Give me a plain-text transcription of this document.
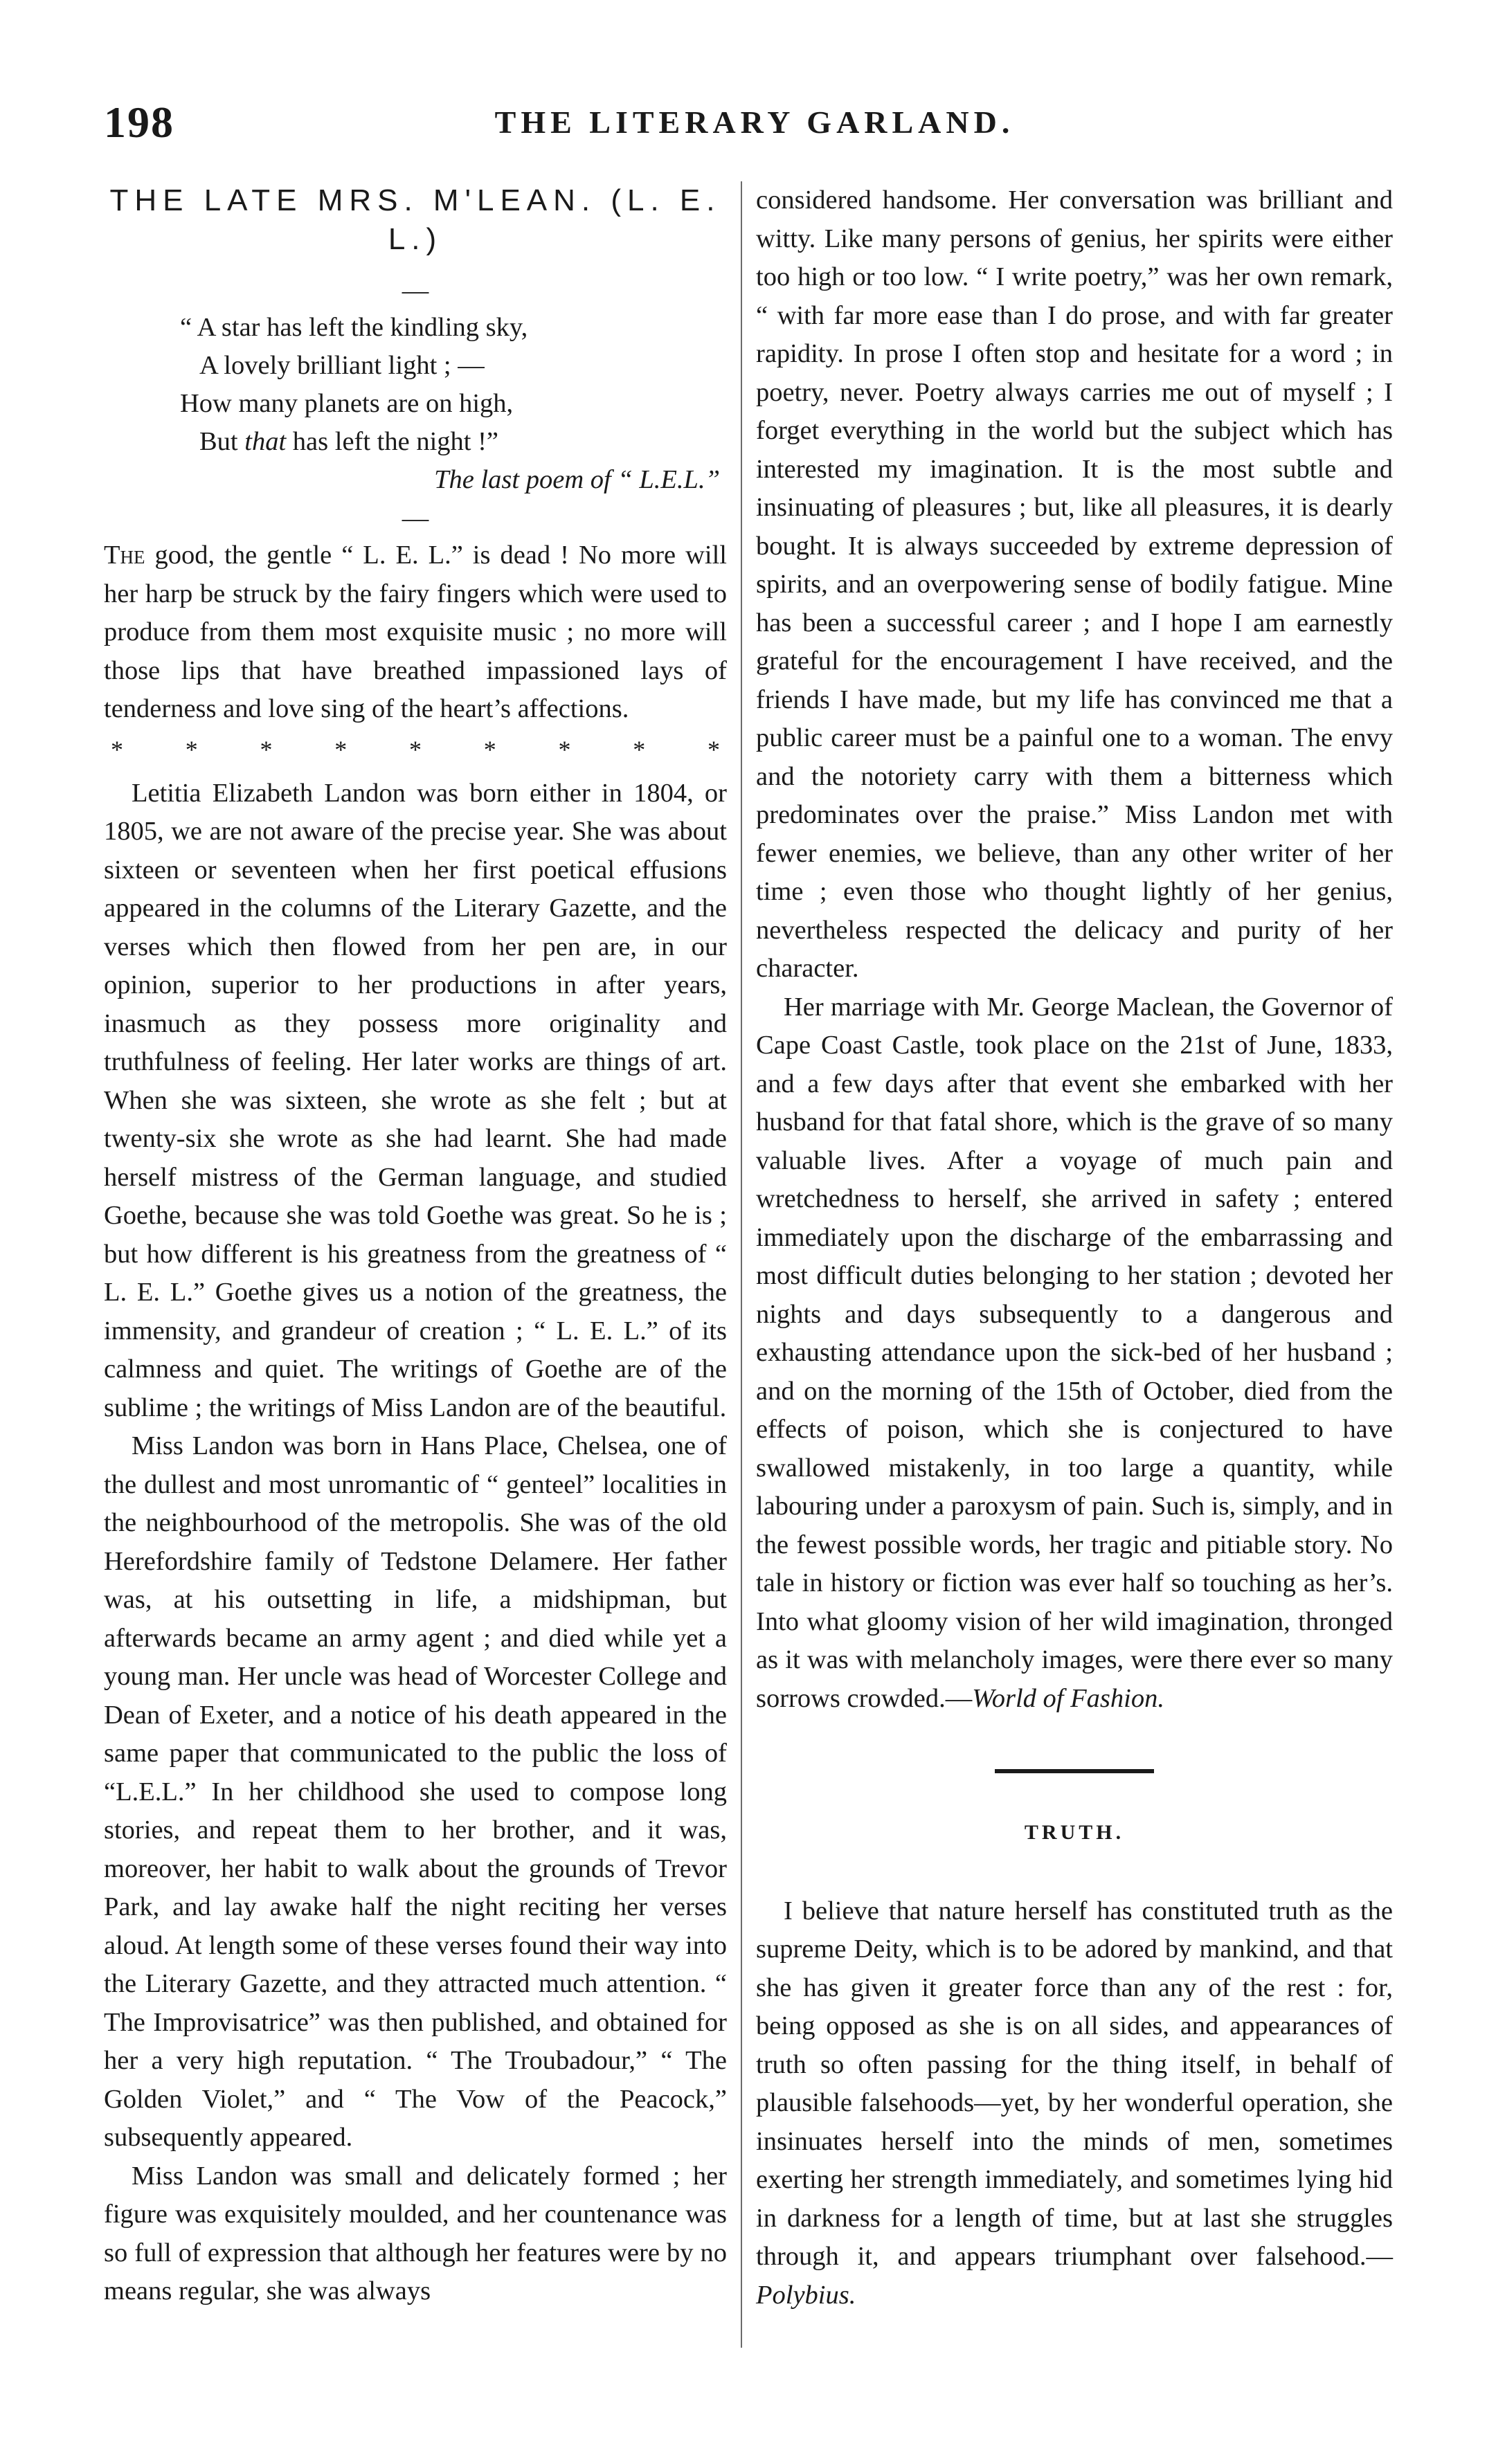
198	THE LITERARY GARLAND.
THE LATE MRS. M'LEAN. (L. E. L.)
—
“ A star has left the kindling sky,
A lovely brilliant light ; —
How many planets are on high,
But that has left the night !”
The last poem of “ L.E.L.”
—

The good, the gentle “ L. E. L.” is dead ! No more will her harp be struck by the fairy fingers which were used to produce from them most exquisite music ; no more will those lips that have breathed impassioned lays of tenderness and love sing of the heart’s affections.

* * * * * * * * *

Letitia Elizabeth Landon was born either in 1804, or 1805, we are not aware of the precise year. She was about sixteen or seventeen when her first poetical effusions appeared in the columns of the Literary Gazette, and the verses which then flowed from her pen are, in our opinion, superior to her productions in after years, inasmuch as they possess more originality and truthfulness of feeling. Her later works are things of art. When she was sixteen, she wrote as she felt ; but at twenty-six she wrote as she had learnt. She had made herself mistress of the German language, and studied Goethe, because she was told Goethe was great. So he is ; but how different is his greatness from the greatness of “ L. E. L.” Goethe gives us a notion of the greatness, the immensity, and grandeur of creation ; “ L. E. L.” of its calmness and quiet. The writings of Goethe are of the sublime ; the writings of Miss Landon are of the beautiful.

Miss Landon was born in Hans Place, Chelsea, one of the dullest and most unromantic of “ genteel” localities in the neighbourhood of the metropolis. She was of the old Herefordshire family of Tedstone Delamere. Her father was, at his outsetting in life, a midshipman, but afterwards became an army agent ; and died while yet a young man. Her uncle was head of Worcester College and Dean of Exeter, and a notice of his death appeared in the same paper that communicated to the public the loss of “L.E.L.” In her childhood she used to compose long stories, and repeat them to her brother, and it was, moreover, her habit to walk about the grounds of Trevor Park, and lay awake half the night reciting her verses aloud. At length some of these verses found their way into the Literary Gazette, and they attracted much attention. “ The Improvisatrice” was then published, and obtained for her a very high reputation. “ The Troubadour,” “ The Golden Violet,” and “ The Vow of the Peacock,” subsequently appeared.

Miss Landon was small and delicately formed ; her figure was exquisitely moulded, and her countenance was so full of expression that although her features were by no means regular, she was always

considered handsome. Her conversation was brilliant and witty. Like many persons of genius, her spirits were either too high or too low. “ I write poetry,” was her own remark, “ with far more ease than I do prose, and with far greater rapidity. In prose I often stop and hesitate for a word ; in poetry, never. Poetry always carries me out of myself ; I forget everything in the world but the subject which has interested my imagination. It is the most subtle and insinuating of pleasures ; but, like all pleasures, it is dearly bought. It is always succeeded by extreme depression of spirits, and an overpowering sense of bodily fatigue. Mine has been a successful career ; and I hope I am earnestly grateful for the encouragement I have received, and the friends I have made, but my life has convinced me that a public career must be a painful one to a woman. The envy and the notoriety carry with them a bitterness which predominates over the praise.” Miss Landon met with fewer enemies, we believe, than any other writer of her time ; even those who thought lightly of her genius, nevertheless respected the delicacy and purity of her character.

Her marriage with Mr. George Maclean, the Governor of Cape Coast Castle, took place on the 21st of June, 1833, and a few days after that event she embarked with her husband for that fatal shore, which is the grave of so many valuable lives. After a voyage of much pain and wretchedness to herself, she arrived in safety ; entered immediately upon the discharge of the embarrassing and most difficult duties belonging to her station ; devoted her nights and days subsequently to a dangerous and exhausting attendance upon the sick-bed of her husband ; and on the morning of the 15th of October, died from the effects of poison, which she is conjectured to have swallowed mistakenly, in too large a quantity, while labouring under a paroxysm of pain. Such is, simply, and in the fewest possible words, her tragic and pitiable story. No tale in history or fiction was ever half so touching as her’s. Into what gloomy vision of her wild imagination, thronged as it was with melancholy images, were there ever so many sorrows crowded.—World of Fashion.

TRUTH.

I believe that nature herself has constituted truth as the supreme Deity, which is to be adored by mankind, and that she has given it greater force than any of the rest : for, being opposed as she is on all sides, and appearances of truth so often passing for the thing itself, in behalf of plausible falsehoods—yet, by her wonderful operation, she insinuates herself into the minds of men, sometimes exerting her strength immediately, and sometimes lying hid in darkness for a length of time, but at last she struggles through it, and appears triumphant over falsehood.—Polybius.
